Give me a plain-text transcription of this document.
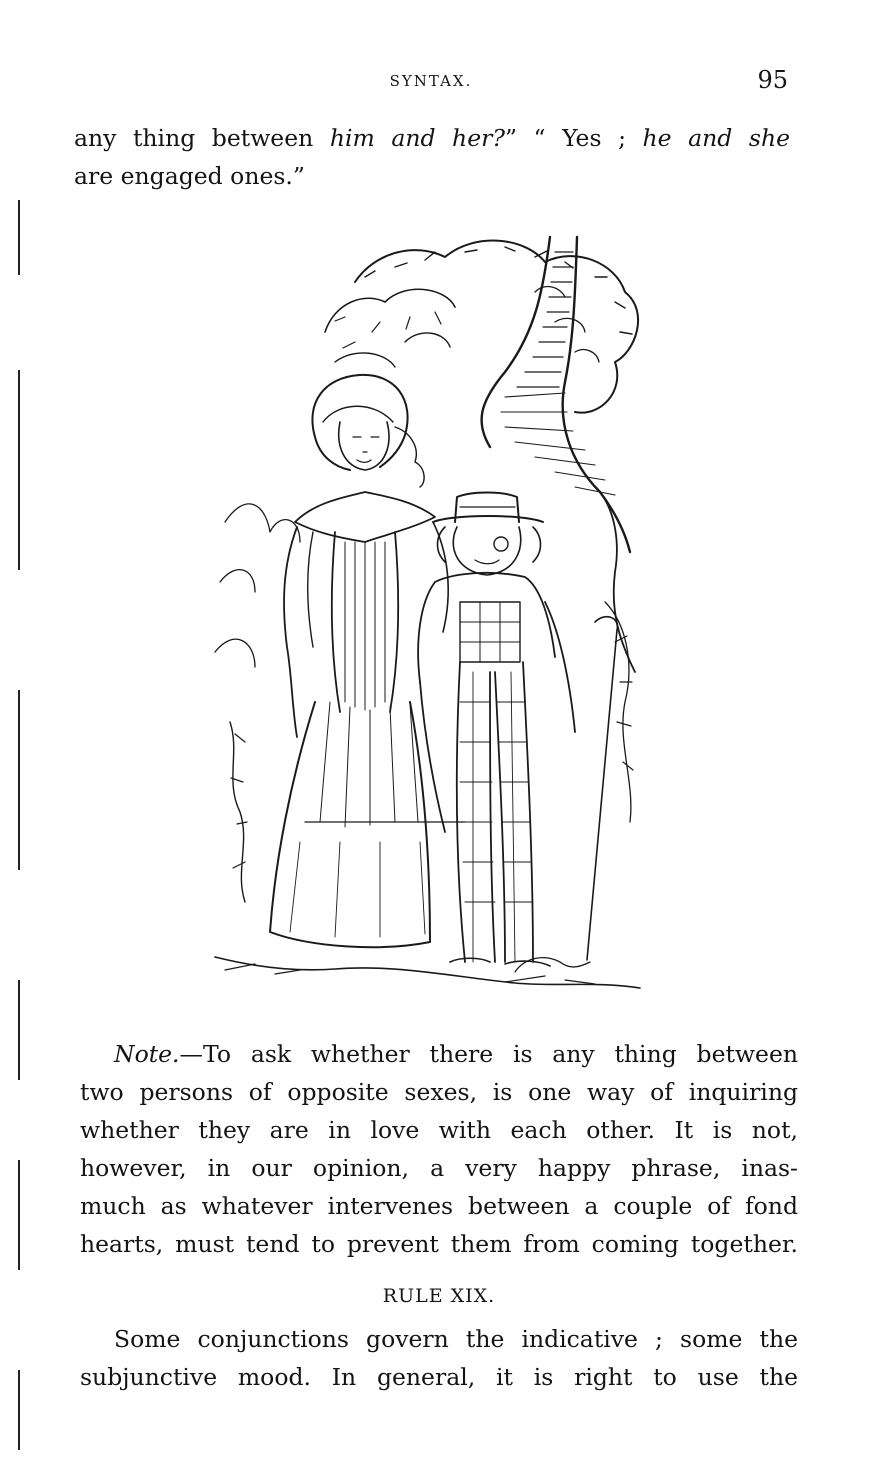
SYNTAX.	95
any thing between him and her?” “ Yes ; he and she
are engaged ones.”
Note.—To ask whether there is any thing between
two persons of opposite sexes, is one way of inquiring
whether they are in love with each other. It is not,
however, in our opinion, a very happy phrase, inas-
much as whatever intervenes between a couple of fond
hearts, must tend to prevent them from coming together.
RULE XIX.
Some conjunctions govern the indicative ; some the
subjunctive mood. In general, it is right to use the
